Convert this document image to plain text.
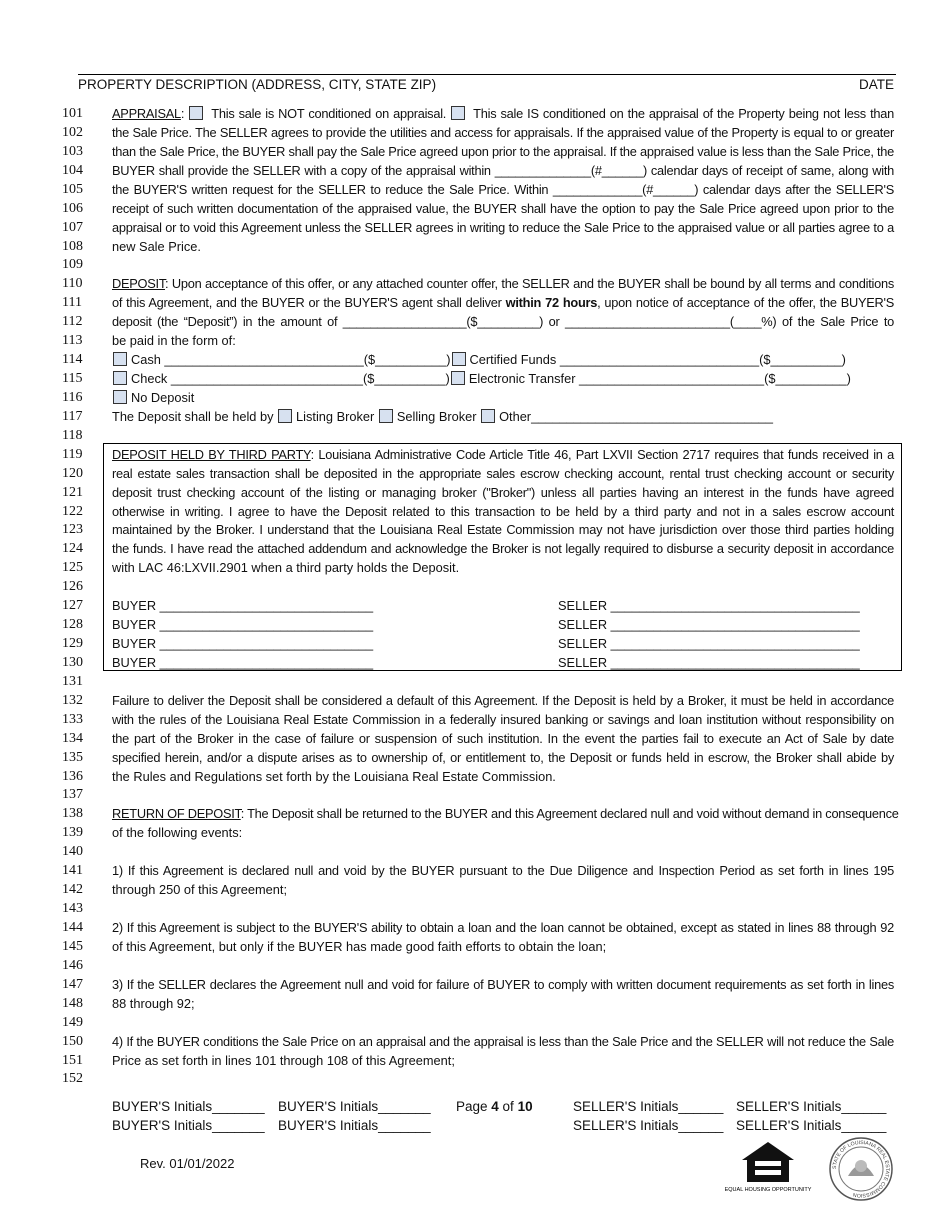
PROPERTY DESCRIPTION (ADDRESS, CITY, STATE ZIP)	DATE
101	APPRAISAL:  This sale is NOT conditioned on appraisal.  This sale IS conditioned on the appraisal of the Property being not less than
102	the Sale Price. The SELLER agrees to provide the utilities and access for appraisals. If the appraised value of the Property is equal to or greater
103	than the Sale Price, the BUYER shall pay the Sale Price agreed upon prior to the appraisal. If the appraised value is less than the Sale Price, the
104	BUYER shall provide the SELLER with a copy of the appraisal within ______________(#______) calendar days of receipt of same, along with
105	the BUYER'S written request for the SELLER to reduce the Sale Price. Within _____________(#______) calendar days after the SELLER'S
106	receipt of such written documentation of the appraised value, the BUYER shall have the option to pay the Sale Price agreed upon prior to the
107	appraisal or to void this Agreement unless the SELLER agrees in writing to reduce the Sale Price to the appraised value or all parties agree to a
108	new Sale Price.
109
110	DEPOSIT: Upon acceptance of this offer, or any attached counter offer, the SELLER and the BUYER shall be bound by all terms and conditions
111	of this Agreement, and the BUYER or the BUYER'S agent shall deliver within 72 hours, upon notice of acceptance of the offer, the BUYER'S
112	deposit (the “Deposit”) in the amount of __________________($_________) or ________________________(____%) of the Sale Price to
113	be paid in the form of:
114	Cash ____________________________($__________) Certified Funds ____________________________($__________)
115	Check ___________________________($__________) Electronic Transfer __________________________($__________)
116	No Deposit
117	The Deposit shall be held by Listing Broker Selling Broker Other__________________________________
118
119	DEPOSIT HELD BY THIRD PARTY: Louisiana Administrative Code Article Title 46, Part LXVII Section 2717 requires that funds received in a
120	real estate sales transaction shall be deposited in the appropriate sales escrow checking account, rental trust checking account or security
121	deposit trust checking account of the listing or managing broker ("Broker") unless all parties having an interest in the funds have agreed
122	otherwise in writing. I agree to have the Deposit related to this transaction to be held by a third party and not in a sales escrow account
123	maintained by the Broker. I understand that the Louisiana Real Estate Commission may not have jurisdiction over those third parties holding
124	the funds. I have read the attached addendum and acknowledge the Broker is not legally required to disburse a security deposit in accordance
125	with LAC 46:LXVII.2901 when a third party holds the Deposit.
126
127	BUYER ______________________________	SELLER ___________________________________
128	BUYER ______________________________	SELLER ___________________________________
129	BUYER ______________________________	SELLER ___________________________________
130	BUYER ______________________________	SELLER ___________________________________
131
132	Failure to deliver the Deposit shall be considered a default of this Agreement. If the Deposit is held by a Broker, it must be held in accordance
133	with the rules of the Louisiana Real Estate Commission in a federally insured banking or savings and loan institution without responsibility on
134	the part of the Broker in the case of failure or suspension of such institution. In the event the parties fail to execute an Act of Sale by date
135	specified herein, and/or a dispute arises as to ownership of, or entitlement to, the Deposit or funds held in escrow, the Broker shall abide by
136	the Rules and Regulations set forth by the Louisiana Real Estate Commission.
137
138	RETURN OF DEPOSIT: The Deposit shall be returned to the BUYER and this Agreement declared null and void without demand in consequence
139	of the following events:
140
141	1) If this Agreement is declared null and void by the BUYER pursuant to the Due Diligence and Inspection Period as set forth in lines 195
142	through 250 of this Agreement;
143
144	2) If this Agreement is subject to the BUYER'S ability to obtain a loan and the loan cannot be obtained, except as stated in lines 88 through 92
145	of this Agreement, but only if the BUYER has made good faith efforts to obtain the loan;
146
147	3) If the SELLER declares the Agreement null and void for failure of BUYER to comply with written document requirements as set forth in lines
148	88 through 92;
149
150	4) If the BUYER conditions the Sale Price on an appraisal and the appraisal is less than the Sale Price and the SELLER will not reduce the Sale
151	Price as set forth in lines 101 through 108 of this Agreement;
152
BUYER'S Initials_______ BUYER'S Initials_______
BUYER'S Initials_______ BUYER'S Initials_______
Page 4 of 10	SELLER'S Initials______ SELLER'S Initials______
SELLER'S Initials______ SELLER'S Initials______
Rev. 01/01/2022
EQUAL HOUSING OPPORTUNITY
STATE OF LOUISIANA REAL ESTATE COMMISSION
